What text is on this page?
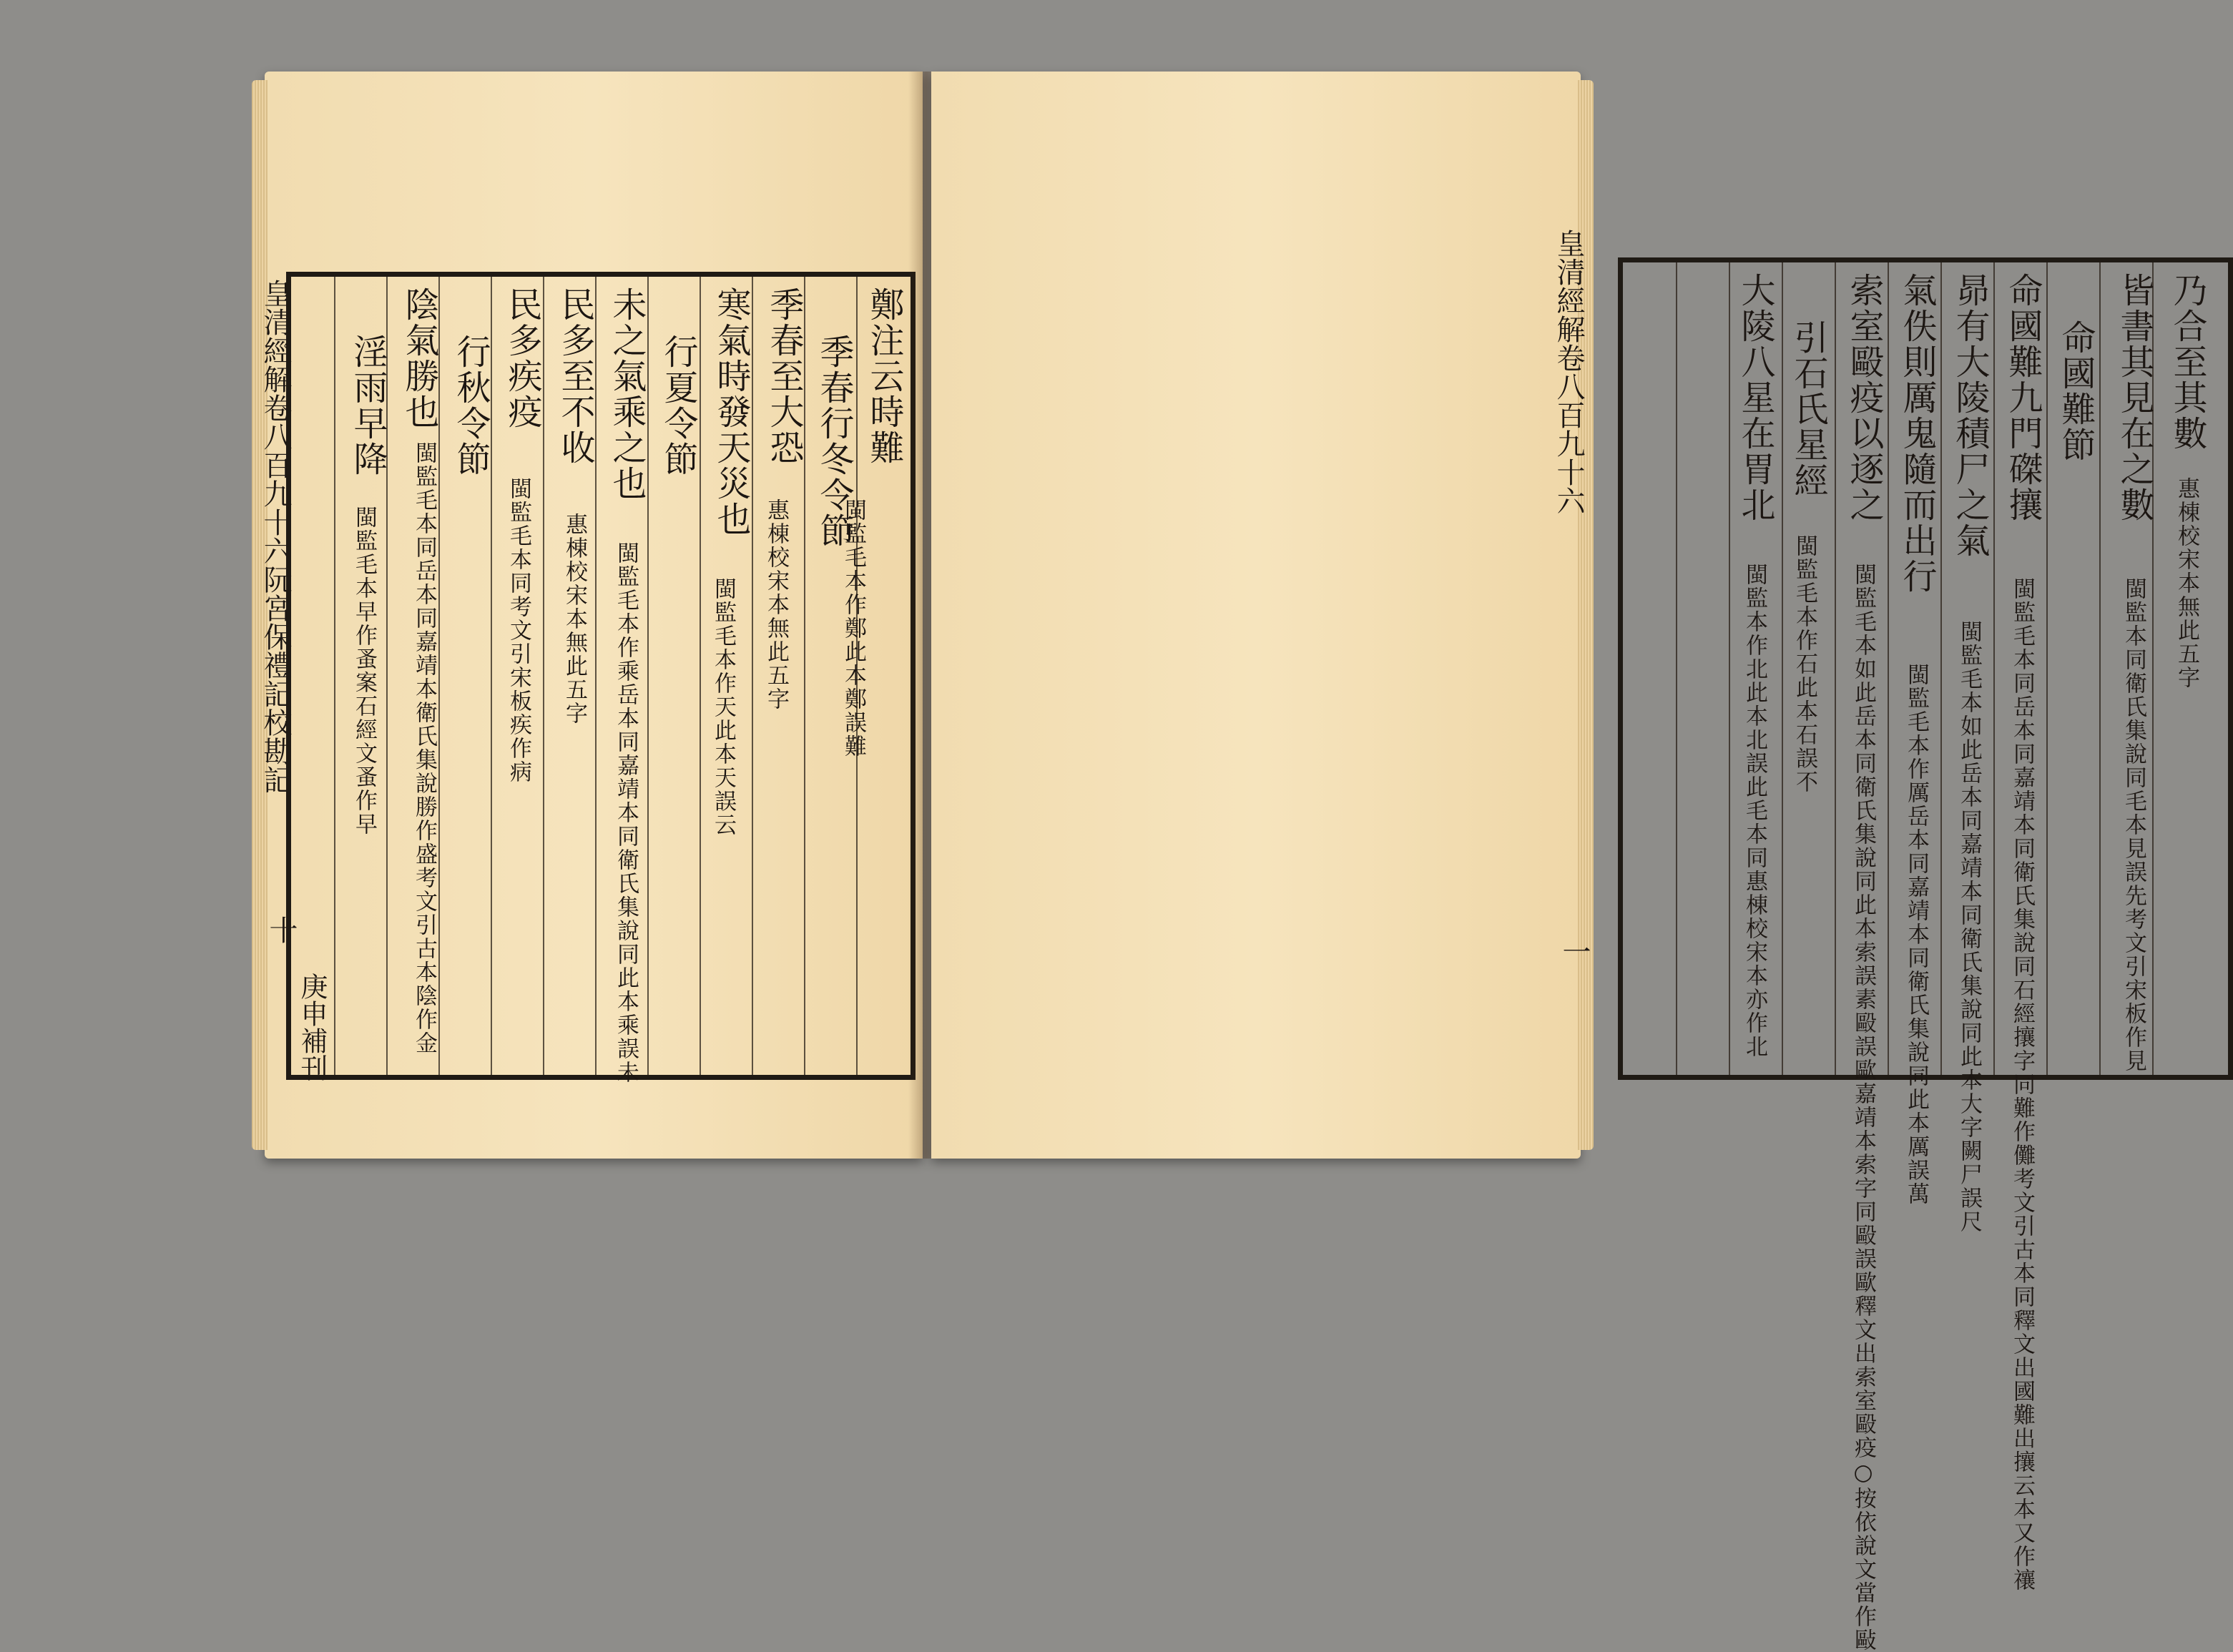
皇清經解卷八百九十六阮宮保禮記校勘記
十
庚申補刊
鄭注云時難
閩監毛本作鄭此本鄭誤難
季春行冬令節
季春至大恐
惠棟校宋本無此五字
寒氣時發天災也
閩監毛本作天此本天誤云
行夏令節
未之氣乘之也
閩監毛本作乘岳本同嘉靖本同衛氏集說同此本乘誤未
民多至不收
惠棟校宋本無此五字
民多疾疫
閩監毛本同考文引宋板疾作病
行秋令節
陰氣勝也
閩監毛本同岳本同嘉靖本衛氏集說勝作盛考文引古本陰作金
淫雨早降
閩監毛本早作蚤案石經文蚤作早
皇清經解卷八百九十六
一
乃合至其數
惠棟校宋本無此五字
皆書其見在之數
閩監本同衛氏集說同毛本見誤先考文引宋板作見
命國難節
命國難九門磔攘
閩監毛本同岳本同嘉靖本同衛氏集說同石經攘字同難作儺考文引古本同釋文出國難出攘云本又作禳
昴有大陵積尸之氣
閩監毛本如此岳本同嘉靖本同衛氏集說同此本大字闕尸誤尺
氣佚則厲鬼隨而出行
閩監毛本作厲岳本同嘉靖本同衛氏集說同此本厲誤萬
索室毆疫以逐之
閩監毛本如此岳本同衛氏集說同此本索誤素毆誤歐嘉靖本索字同毆誤歐釋文出索室毆疫○按依說文當作敺
引石氏星經
閩監毛本作石此本石誤不
大陵八星在胃北
閩監本作北此本北誤此毛本同惠棟校宋本亦作北
